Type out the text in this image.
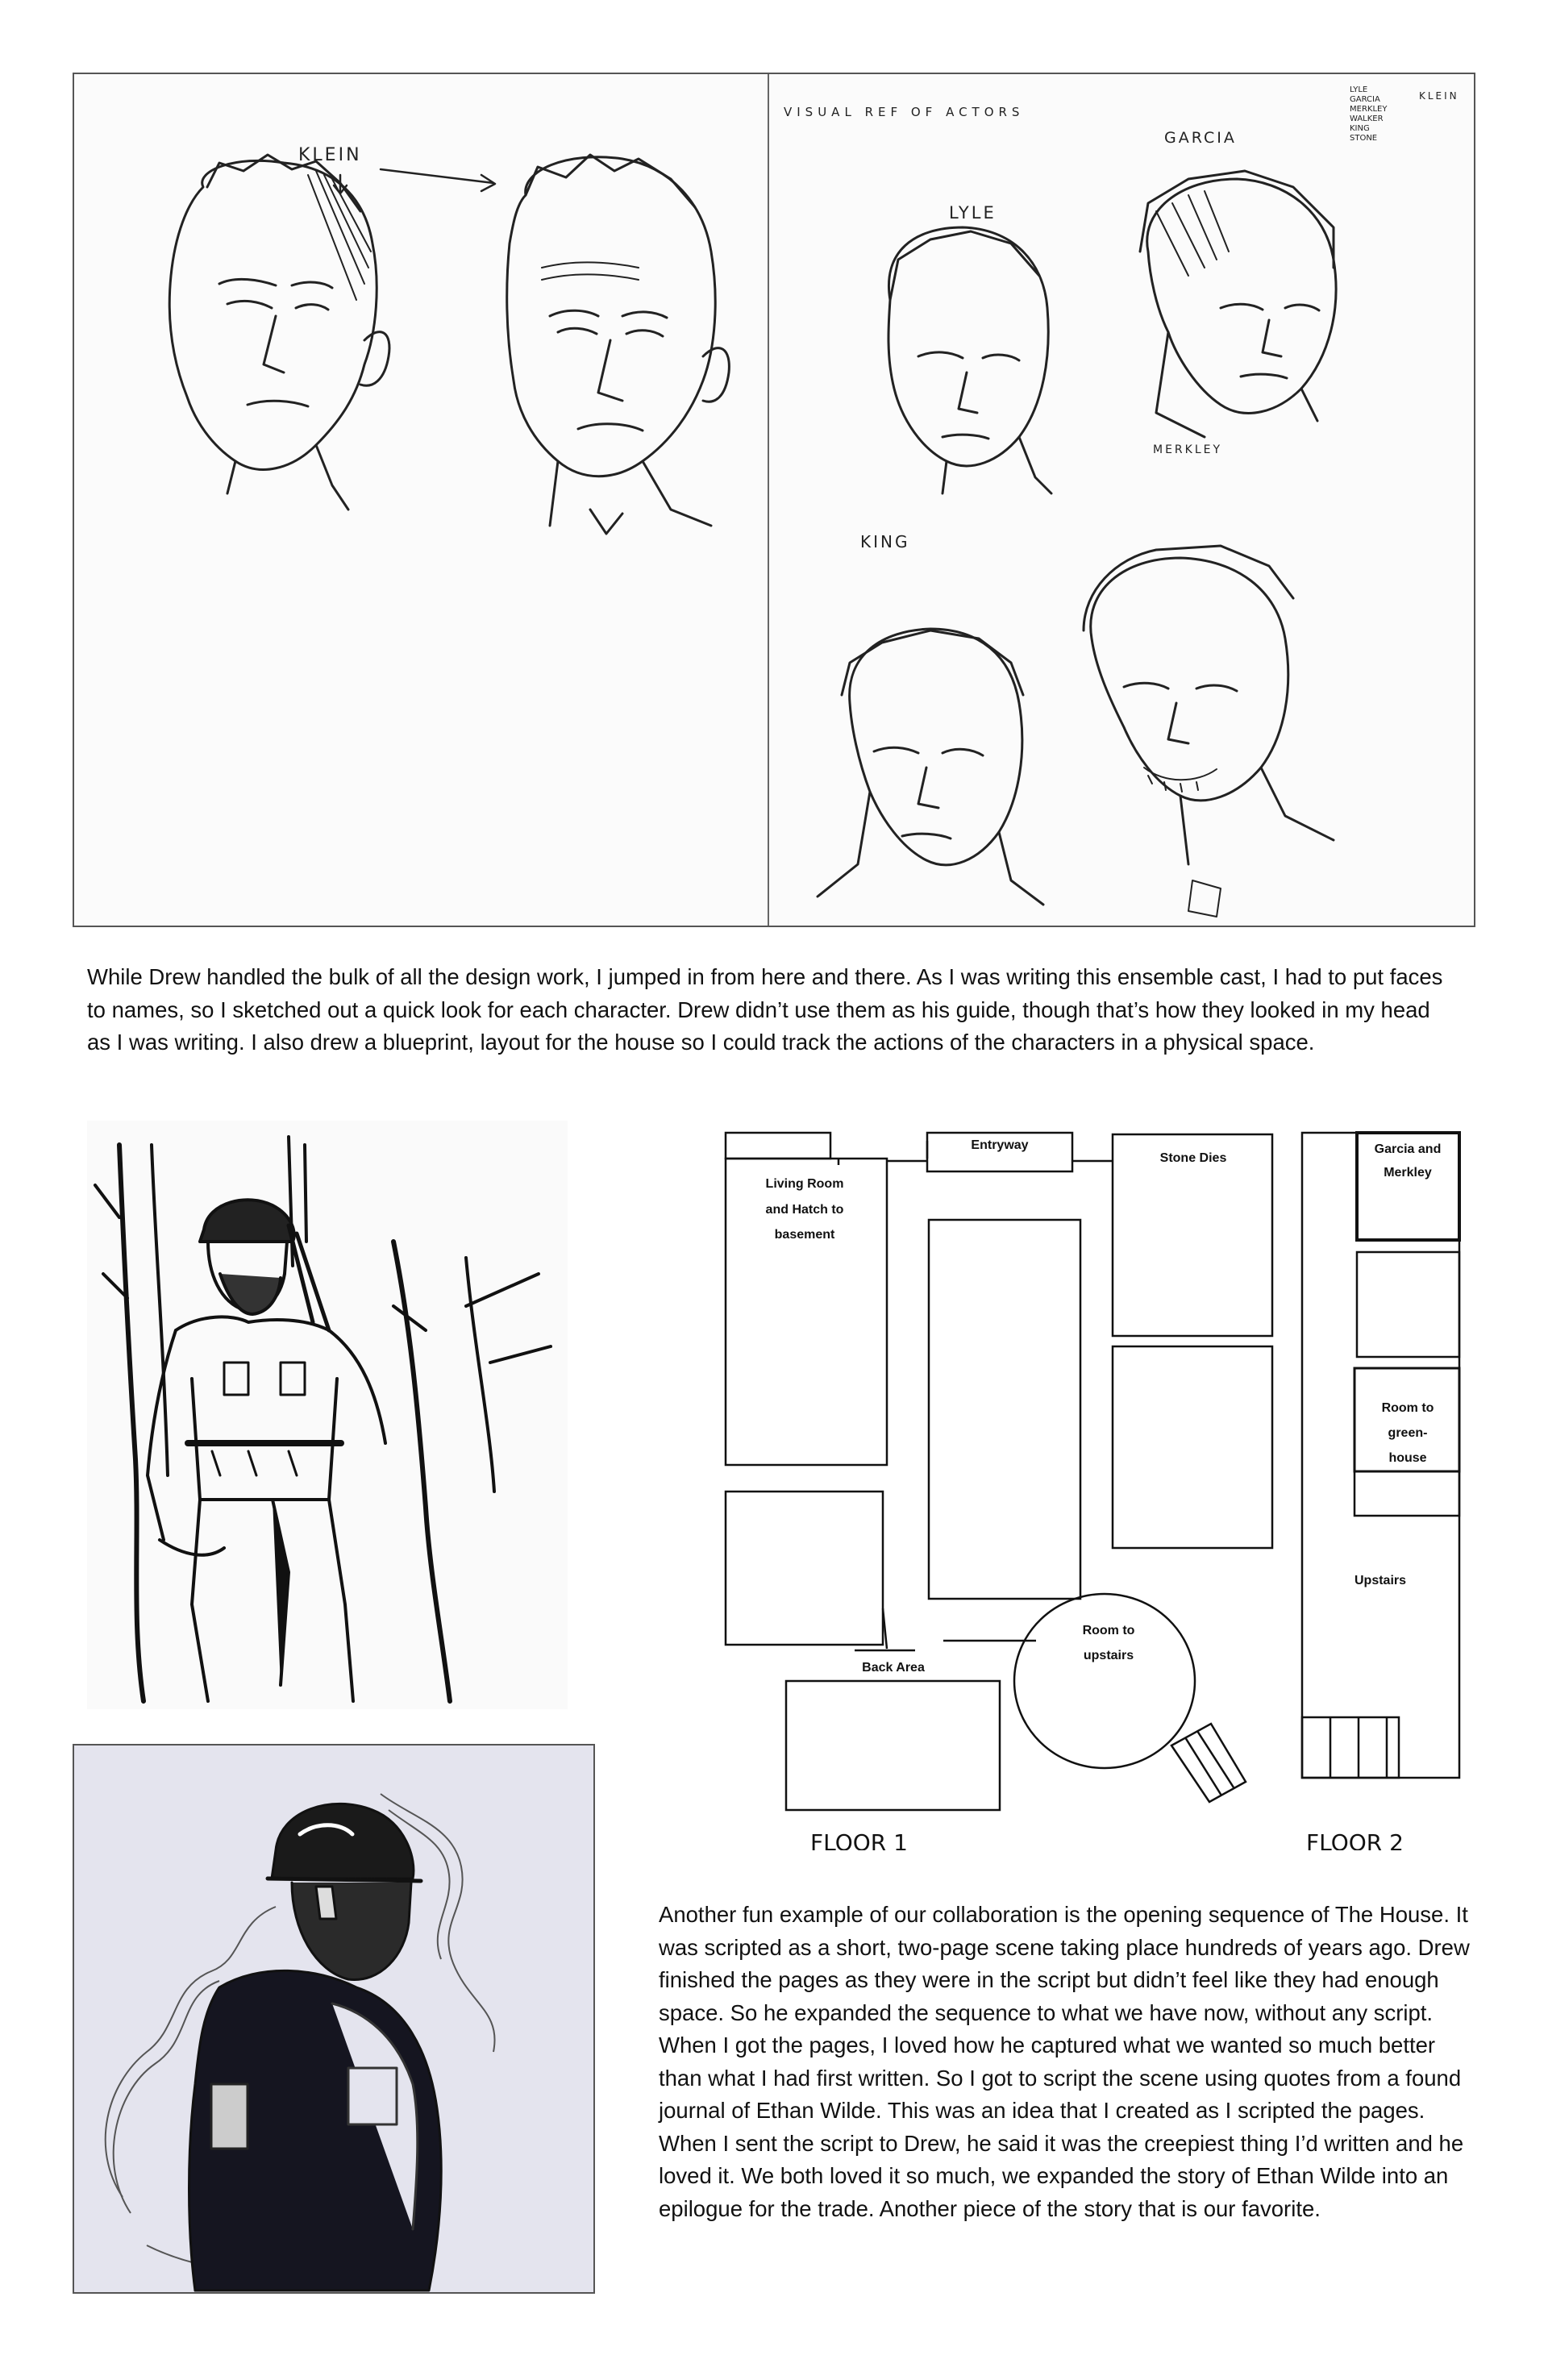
KLEIN
VISUAL REF OF ACTORS
GARCIA
LYLE
MERKLEY
KING
LYLE
GARCIA
MERKLEY
WALKER
KING
STONE
KLEIN
While Drew handled the bulk of all the design work, I jumped in from here and there. As I was writing this ensemble cast, I had to put faces to names, so I sketched out a quick look for each character. Drew didn’t use them as his guide, though that’s how they looked in my head as I was writing. I also drew a blueprint, layout for the house so I could track the actions of the characters in a physical space.
Entryway
Stone Dies
Living Room
and Hatch to
basement
Room to
upstairs
Back Area
Garcia and
Merkley
Room to
green-
house
Upstairs
FLOOR 1	FLOOR 2
Another fun example of our collaboration is the opening sequence of The House. It was scripted as a short, two-page scene taking place hundreds of years ago. Drew finished the pages as they were in the script but didn’t feel like they had enough space. So he expanded the sequence to what we have now, without any script. When I got the pages, I loved how he captured what we wanted so much better than what I had first written. So I got to script the scene using quotes from a found journal of Ethan Wilde. This was an idea that I created as I scripted the pages. When I sent the script to Drew, he said it was the creepiest thing I’d written and he loved it. We both loved it so much, we expanded the story of Ethan Wilde into an epilogue for the trade. Another piece of the story that is our favorite.
